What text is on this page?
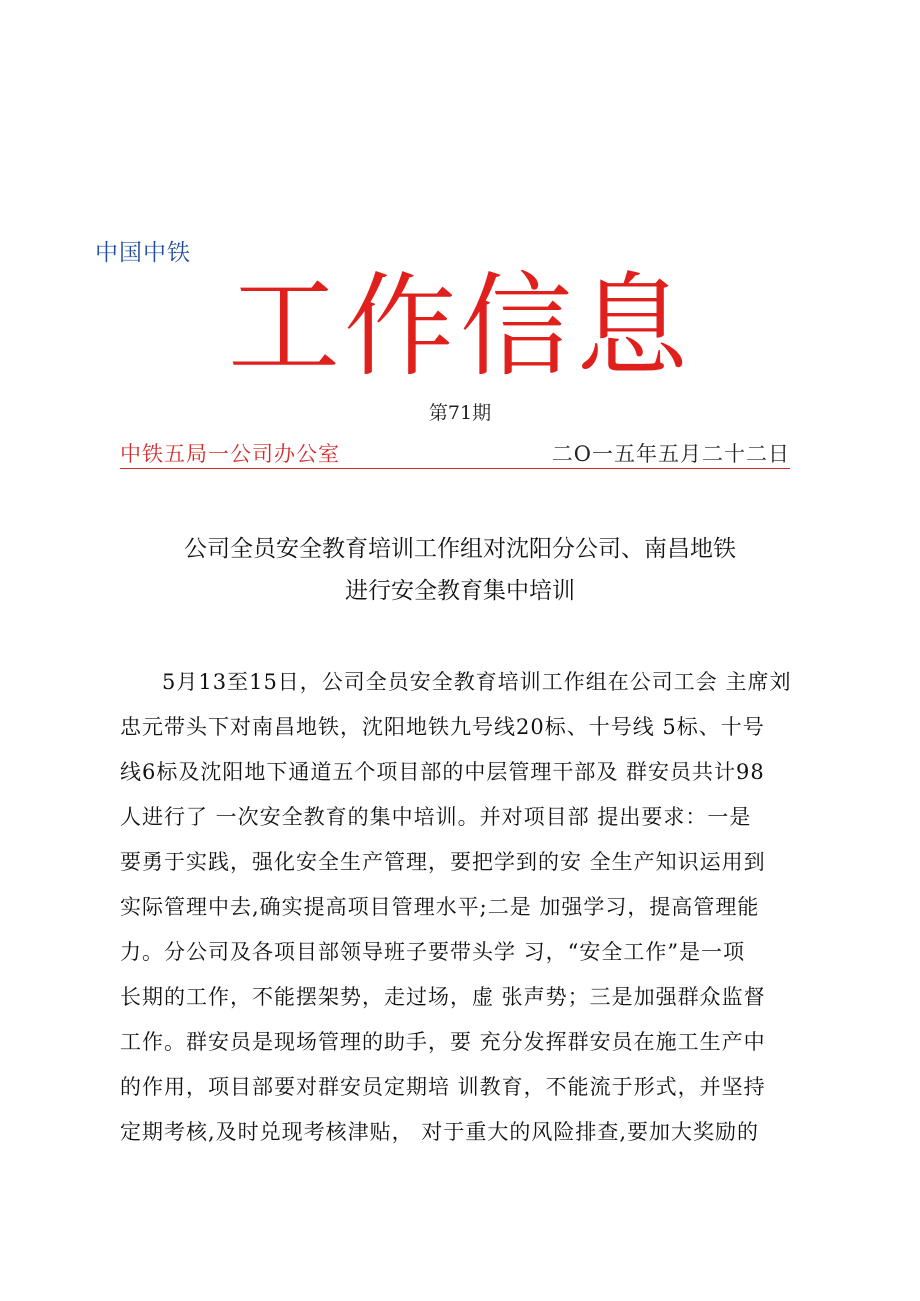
中国中铁
工作信息
第71期
中铁五局一公司办公室	二O一五年五月二十二日
公司全员安全教育培训工作组对沈阳分公司、南昌地铁
进行安全教育集中培训

5月13至15日，公司全员安全教育培训工作组在公司工会 主席刘

忠元带头下对南昌地铁，沈阳地铁九号线20标、十号线 5标、十号

线6标及沈阳地下通道五个项目部的中层管理干部及 群安员共计98

人进行了 一次安全教育的集中培训。并对项目部 提出要求：一是

要勇于实践，强化安全生产管理，要把学到的安 全生产知识运用到

实际管理中去,确实提高项目管理水平;二是 加强学习，提高管理能

力。分公司及各项目部领导班子要带头学 习，“安全工作”是一项

长期的工作，不能摆架势，走过场，虚 张声势；三是加强群众监督

工作。群安员是现场管理的助手，要 充分发挥群安员在施工生产中

的作用，项目部要对群安员定期培 训教育，不能流于形式，并坚持

定期考核,及时兑现考核津贴， 对于重大的风险排查,要加大奖励的
